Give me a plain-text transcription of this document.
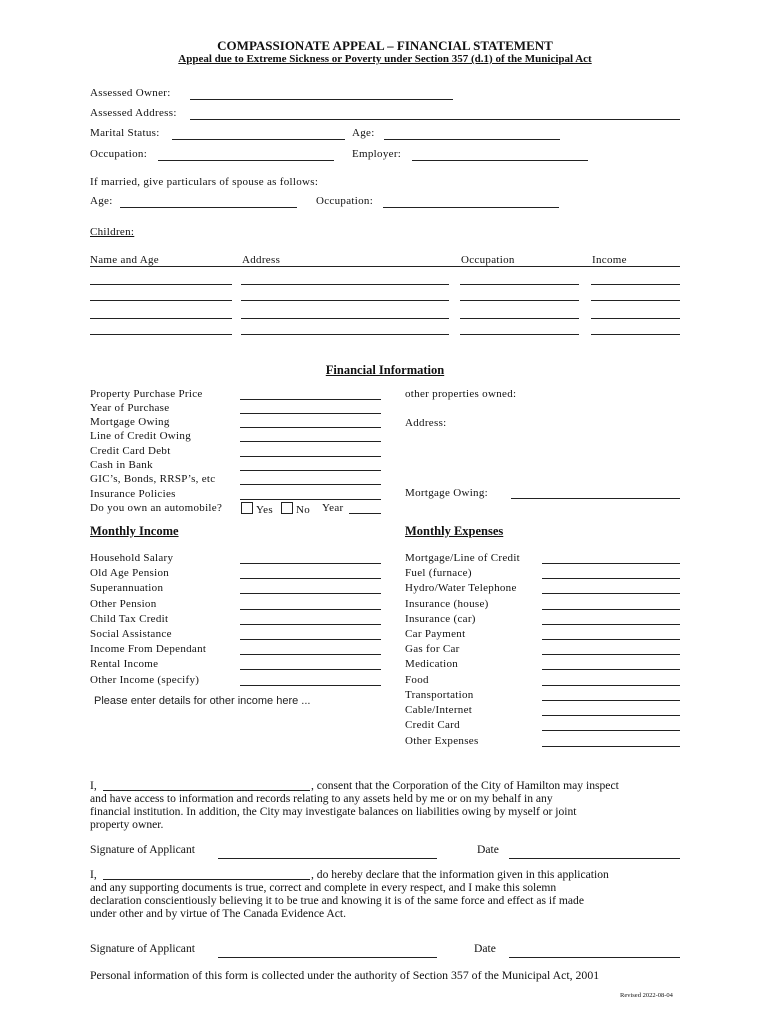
COMPASSIONATE APPEAL – FINANCIAL STATEMENT
Appeal due to Extreme Sickness or Poverty under Section 357 (d.1) of the Municipal Act
Assessed Owner:
Assessed Address:
Marital Status:	Age:
Occupation:	Employer:
If married, give particulars of spouse as follows:
Age:	Occupation:
Children:
Name and Age	Address	Occupation	Income
Financial Information
Property Purchase Price
Year of Purchase
Mortgage Owing
Line of Credit Owing
Credit Card Debt
Cash in Bank
GIC’s, Bonds, RRSP’s, etc
Insurance Policies
Do you own an automobile?	Yes	No Year
other properties owned:
Address:
Mortgage Owing:
Monthly Income
Household Salary
Old Age Pension
Superannuation
Other Pension
Child Tax Credit
Social Assistance
Income From Dependant
Rental Income
Other Income (specify)
Please enter details for other income here ...
Monthly Expenses
Mortgage/Line of Credit
Fuel (furnace)
Hydro/Water Telephone
Insurance (house)
Insurance (car)
Car Payment
Gas for Car
Medication
Food
Transportation
Cable/Internet
Credit Card
Other Expenses
I,	, consent that the Corporation of the City of Hamilton may inspect
and have access to information and records relating to any assets held by me or on my behalf in any
financial institution. In addition, the City may investigate balances on liabilities owing by myself or joint
property owner.
Signature of Applicant	Date
I,	, do hereby declare that the information given in this application
and any supporting documents is true, correct and complete in every respect, and I make this solemn
declaration conscientiously believing it to be true and knowing it is of the same force and effect as if made
under other and by virtue of The Canada Evidence Act.
Signature of Applicant	Date
Personal information of this form is collected under the authority of Section 357 of the Municipal Act, 2001
Revised 2022-08-04
